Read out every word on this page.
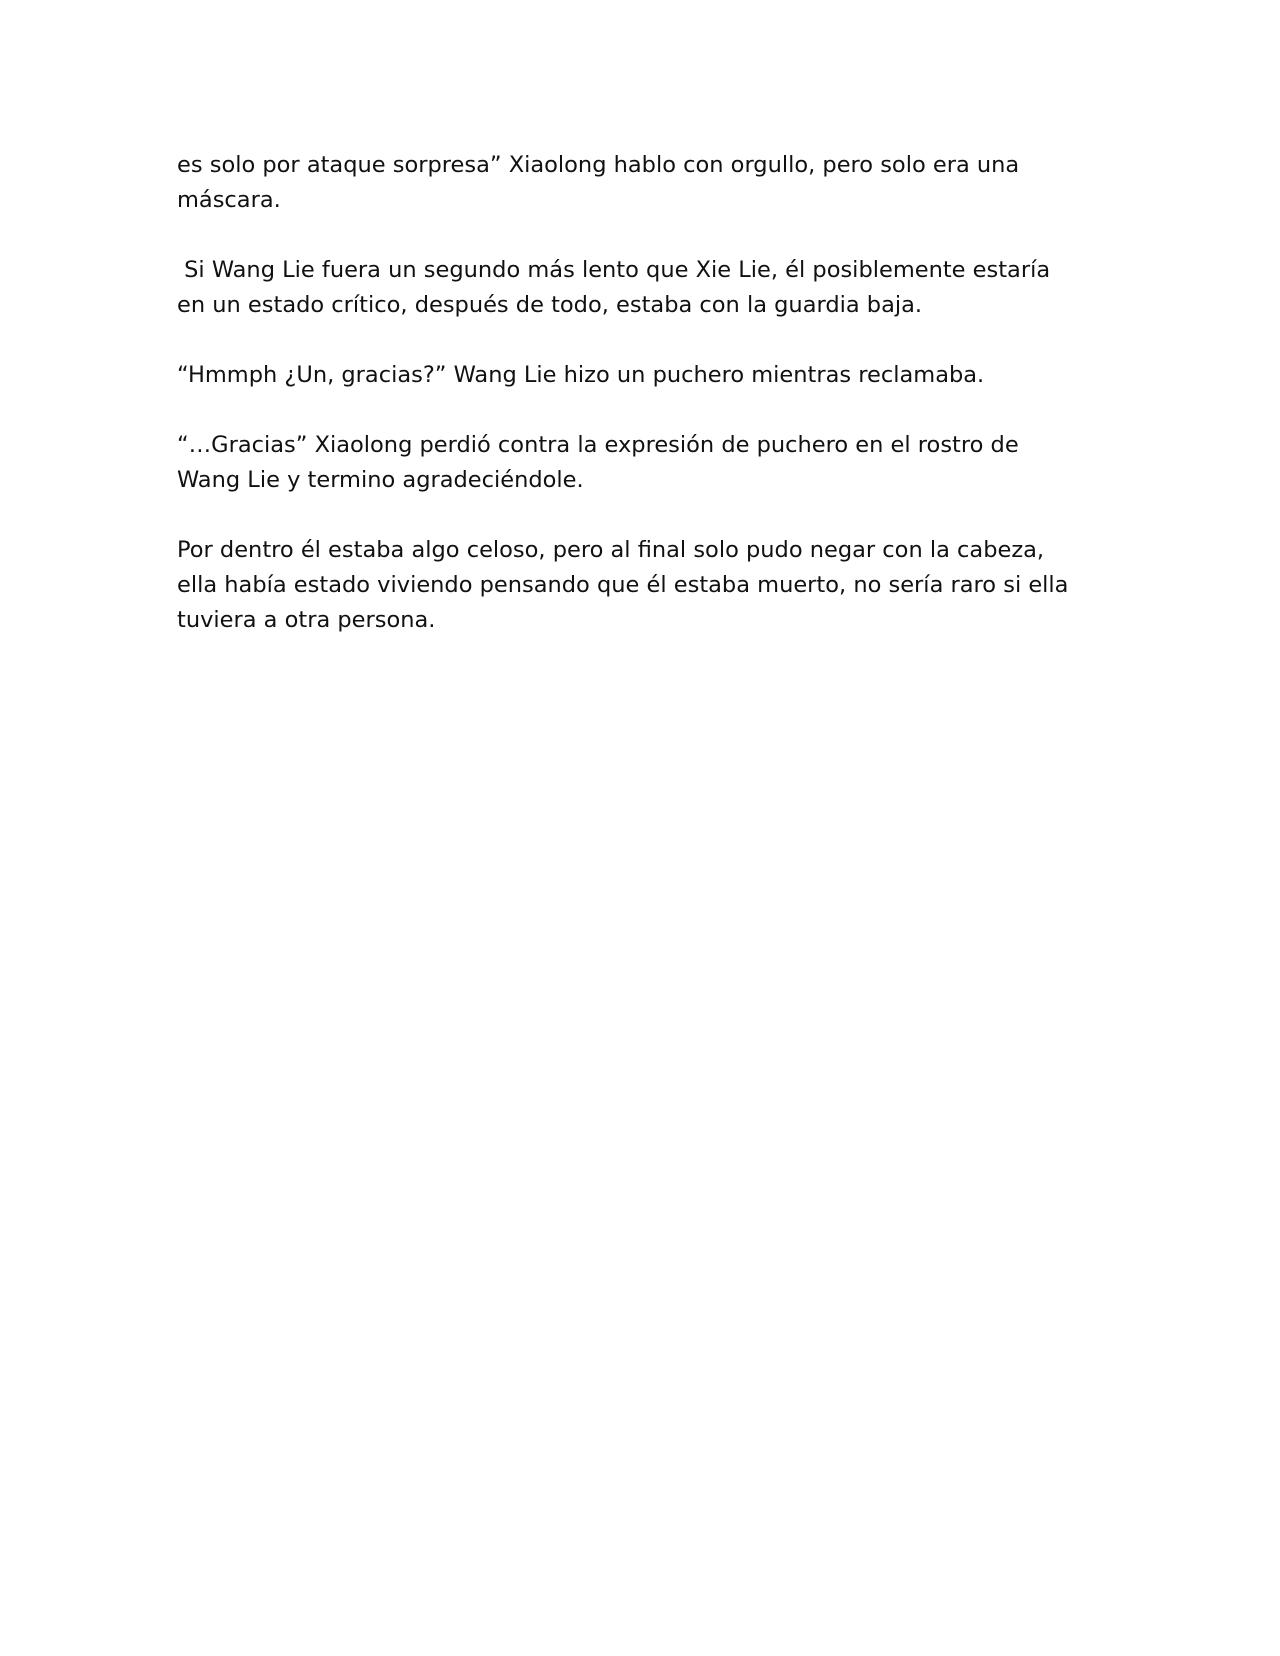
es solo por ataque sorpresa” Xiaolong hablo con orgullo, pero solo era una
máscara.

Si Wang Lie fuera un segundo más lento que Xie Lie, él posiblemente estaría
en un estado crítico, después de todo, estaba con la guardia baja.

“Hmmph ¿Un, gracias?” Wang Lie hizo un puchero mientras reclamaba.

“…Gracias” Xiaolong perdió contra la expresión de puchero en el rostro de
Wang Lie y termino agradeciéndole.

Por dentro él estaba algo celoso, pero al final solo pudo negar con la cabeza,
ella había estado viviendo pensando que él estaba muerto, no sería raro si ella
tuviera a otra persona.
